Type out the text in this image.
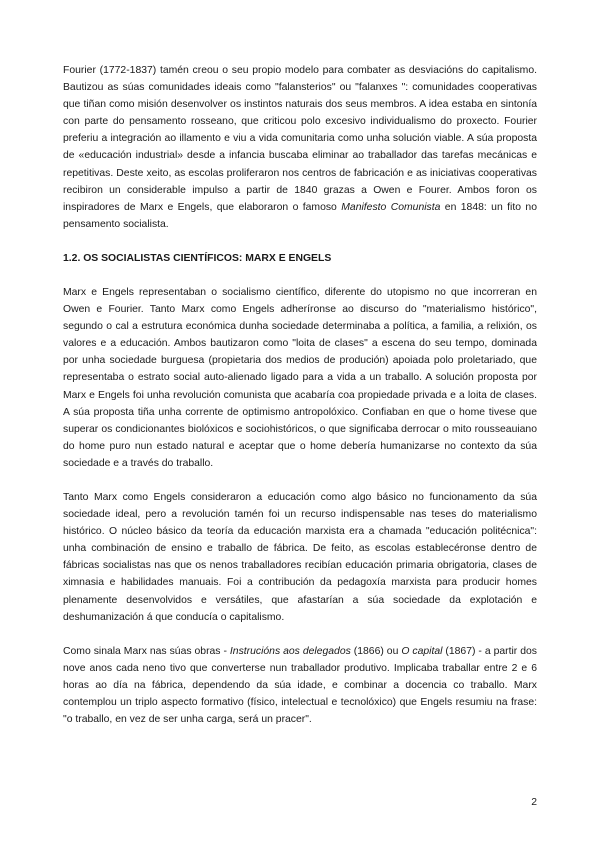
Fourier (1772-1837) tamén creou o seu propio modelo para combater as desviacións do capitalismo. Bautizou as súas comunidades ideais como "falansterios" ou "falanxes ": comunidades cooperativas que tiñan como misión desenvolver os instintos naturais dos seus membros. A idea estaba en sintonía con parte do pensamento rosseano, que criticou polo excesivo individualismo do proxecto. Fourier preferiu a integración ao illamento e viu a vida comunitaria como unha solución viable. A súa proposta de «educación industrial» desde a infancia buscaba eliminar ao traballador das tarefas mecánicas e repetitivas. Deste xeito, as escolas proliferaron nos centros de fabricación e as iniciativas cooperativas recibiron un considerable impulso a partir de 1840 grazas a Owen e Fourer. Ambos foron os inspiradores de Marx e Engels, que elaboraron o famoso Manifesto Comunista en 1848: un fito no pensamento socialista.

1.2. OS SOCIALISTAS CIENTÍFICOS: MARX E ENGELS

Marx e Engels representaban o socialismo científico, diferente do utopismo no que incorreran en Owen e Fourier. Tanto Marx como Engels adheríronse ao discurso do "materialismo histórico", segundo o cal a estrutura económica dunha sociedade determinaba a política, a familia, a relixión, os valores e a educación. Ambos bautizaron como "loita de clases" a escena do seu tempo, dominada por unha sociedade burguesa (propietaria dos medios de produción) apoiada polo proletariado, que representaba o estrato social auto-alienado ligado para a vida a un traballo. A solución proposta por Marx e Engels foi unha revolución comunista que acabaría coa propiedade privada e a loita de clases. A súa proposta tiña unha corrente de optimismo antropolóxico. Confiaban en que o home tivese que superar os condicionantes biolóxicos e sociohistóricos, o que significaba derrocar o mito rousseauiano do home puro nun estado natural e aceptar que o home debería humanizarse no contexto da súa sociedade e a través do traballo.

Tanto Marx como Engels consideraron a educación como algo básico no funcionamento da súa sociedade ideal, pero a revolución tamén foi un recurso indispensable nas teses do materialismo histórico. O núcleo básico da teoría da educación marxista era a chamada "educación politécnica": unha combinación de ensino e traballo de fábrica. De feito, as escolas establecéronse dentro de fábricas socialistas nas que os nenos traballadores recibían educación primaria obrigatoria, clases de ximnasia e habilidades manuais. Foi a contribución da pedagoxía marxista para producir homes plenamente desenvolvidos e versátiles, que afastarían a súa sociedade da explotación e deshumanización á que conducía o capitalismo.

Como sinala Marx nas súas obras - Instrucións aos delegados (1866) ou O capital (1867) - a partir dos nove anos cada neno tivo que converterse nun traballador produtivo. Implicaba traballar entre 2 e 6 horas ao día na fábrica, dependendo da súa idade, e combinar a docencia co traballo. Marx contemplou un triplo aspecto formativo (físico, intelectual e tecnolóxico) que Engels resumiu na frase: "o traballo, en vez de ser unha carga, será un pracer".

2
